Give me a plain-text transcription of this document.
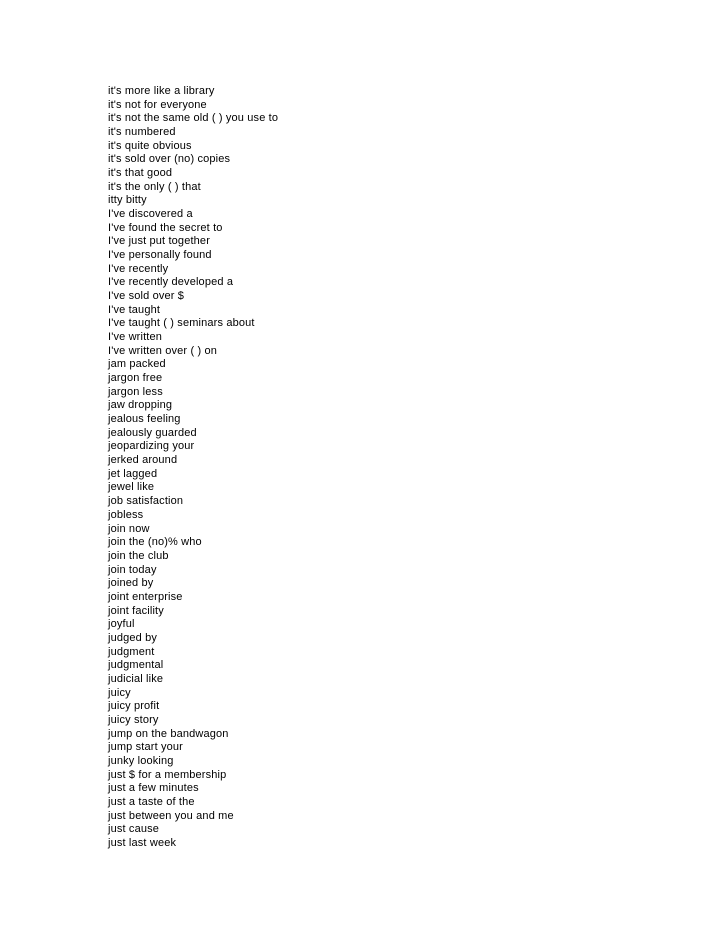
it's more like a library
it's not for everyone
it's not the same old ( ) you use to
it's numbered
it's quite obvious
it's sold over (no) copies
it's that good
it's the only ( ) that
itty bitty
I've discovered a
I've found the secret to
I've just put together
I've personally found
I've recently
I've recently developed a
I've sold over $
I've taught
I've taught ( ) seminars about
I've written
I've written over ( ) on
jam packed
jargon free
jargon less
jaw dropping
jealous feeling
jealously guarded
jeopardizing your
jerked around
jet lagged
jewel like
job satisfaction
jobless
join now
join the (no)% who
join the club
join today
joined by
joint enterprise
joint facility
joyful
judged by
judgment
judgmental
judicial like
juicy
juicy profit
juicy story
jump on the bandwagon
jump start your
junky looking
just $ for a membership
just a few minutes
just a taste of the
just between you and me
just cause
just last week
